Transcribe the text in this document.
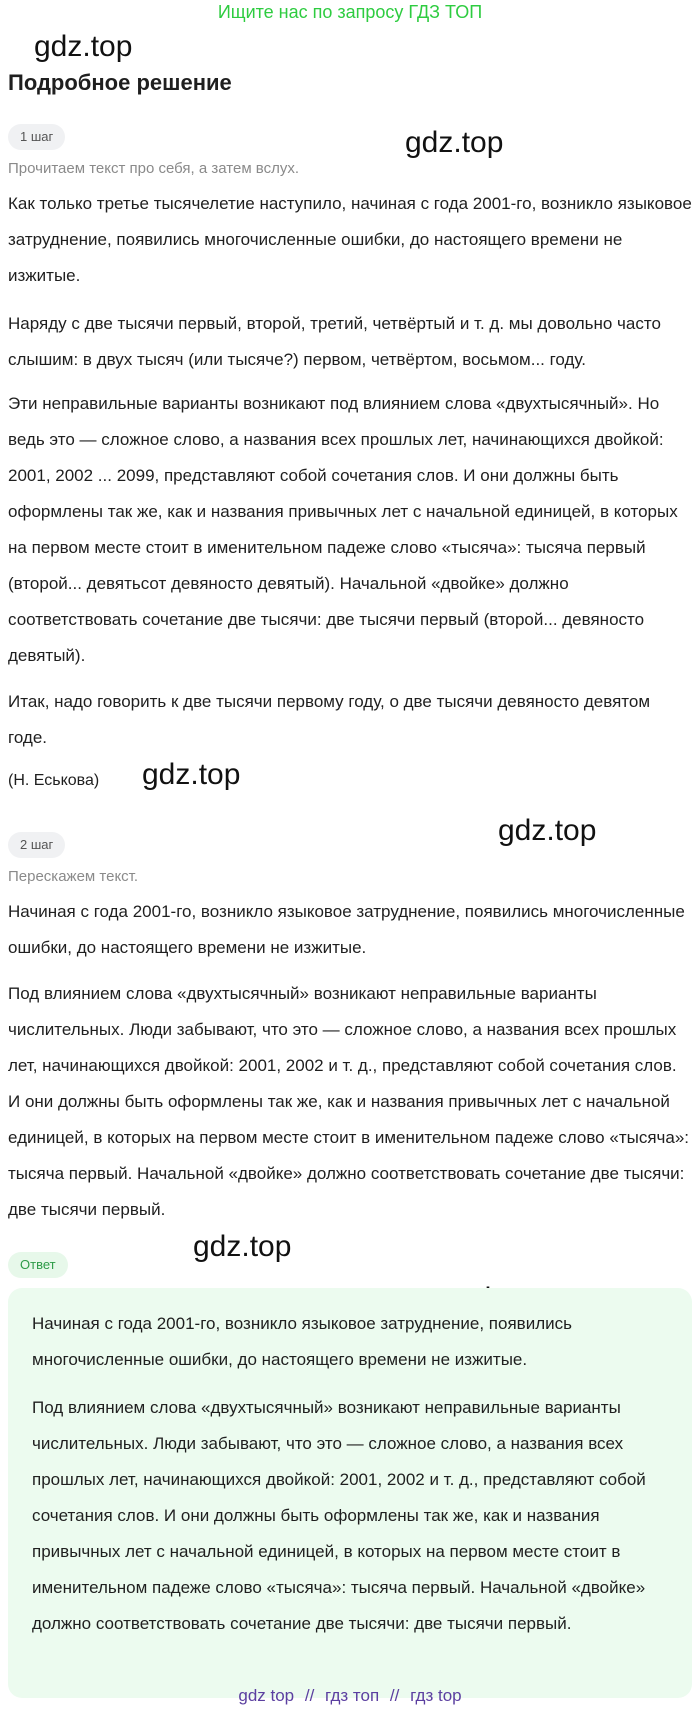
Ищите нас по запросу ГДЗ ТОП
gdz.top
gdz.top
gdz.top
gdz.top
gdz.top
Подробное решение
1 шаг
Прочитаем текст про себя, а затем вслух.

Как только третье тысячелетие наступило, начиная с года 2001-го, возникло языковое затруднение, появились многочисленные ошибки, до настоящего времени не изжитые.

Наряду с две тысячи первый, второй, третий, четвёртый и т. д. мы довольно часто слышим: в двух тысяч (или тысяче?) первом, четвёртом, восьмом... году.

Эти неправильные варианты возникают под влиянием слова «двухтысячный». Но ведь это — сложное слово, а названия всех прошлых лет, начинающихся двойкой: 2001, 2002 ... 2099, представляют собой сочетания слов. И они должны быть оформлены так же, как и названия привычных лет с начальной единицей, в которых на первом месте стоит в именительном падеже слово «тысяча»: тысяча первый (второй... девятьсот девяносто девятый). Начальной «двойке» должно соответствовать сочетание две тысячи: две тысячи первый (второй... девяносто девятый).

Итак, надо говорить к две тысячи первому году, о две тысячи девяносто девятом годе.

(Н. Еськова)
2 шаг
Перескажем текст.

Начиная с года 2001-го, возникло языковое затруднение, появились многочисленные ошибки, до настоящего времени не изжитые.

Под влиянием слова «двухтысячный» возникают неправильные варианты числительных. Люди забывают, что это — сложное слово, а названия всех прошлых лет, начинающихся двойкой: 2001, 2002 и т. д., представляют собой сочетания слов. И они должны быть оформлены так же, как и названия привычных лет с начальной единицей, в которых на первом месте стоит в именительном падеже слово «тысяча»: тысяча первый. Начальной «двойке» должно соответствовать сочетание две тысячи: две тысячи первый.

Ответ

Начиная с года 2001-го, возникло языковое затруднение, появились многочисленные ошибки, до настоящего времени не изжитые.

Под влиянием слова «двухтысячный» возникают неправильные варианты числительных. Люди забывают, что это — сложное слово, а названия всех прошлых лет, начинающихся двойкой: 2001, 2002 и т. д., представляют собой сочетания слов. И они должны быть оформлены так же, как и названия привычных лет с начальной единицей, в которых на первом месте стоит в именительном падеже слово «тысяча»: тысяча первый. Начальной «двойке» должно соответствовать сочетание две тысячи: две тысячи первый.

gdz top // гдз топ // гдз top
